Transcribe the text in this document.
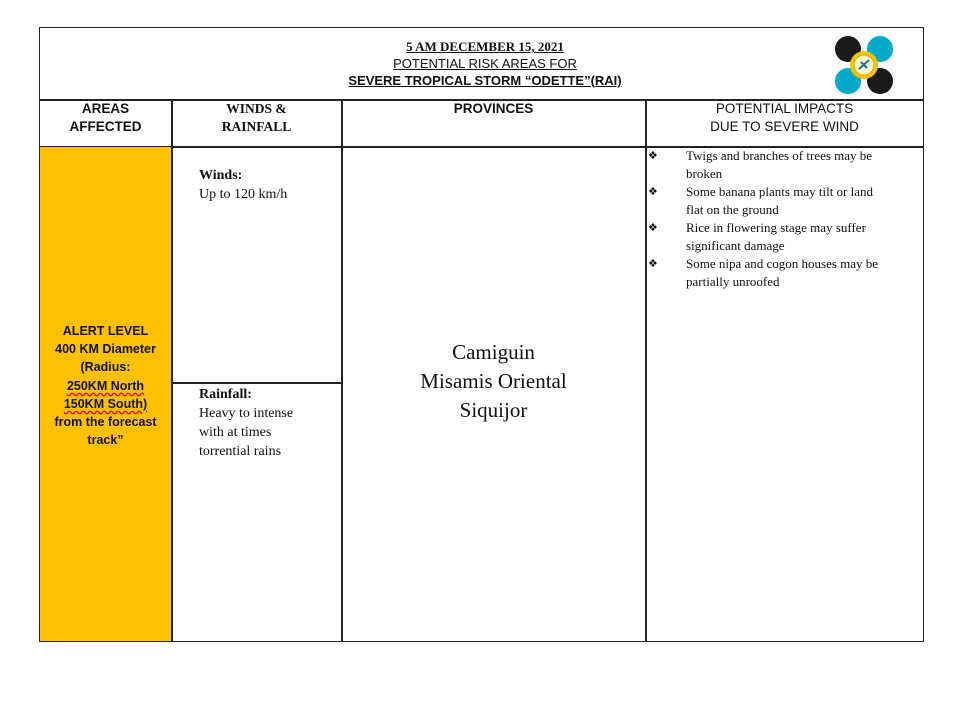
5 AM DECEMBER 15, 2021
POTENTIAL RISK AREAS FOR
SEVERE TROPICAL STORM “ODETTE”(RAI)
AREAS
AFFECTED
WINDS &
RAINFALL
PROVINCES	POTENTIAL IMPACTS
DUE TO SEVERE WIND
ALERT LEVEL
400 KM Diameter
(Radius:
250KM North
150KM South)
from the forecast
track”
Winds:
Up to 120 km/h
Rainfall:
Heavy to intense
with at times
torrential rains
Camiguin
Misamis Oriental
Siquijor
❖ Twigs and branches of trees may be
broken
❖ Some banana plants may tilt or land
flat on the ground
❖ Rice in flowering stage may suffer
significant damage
❖ Some nipa and cogon houses may be
partially unroofed
